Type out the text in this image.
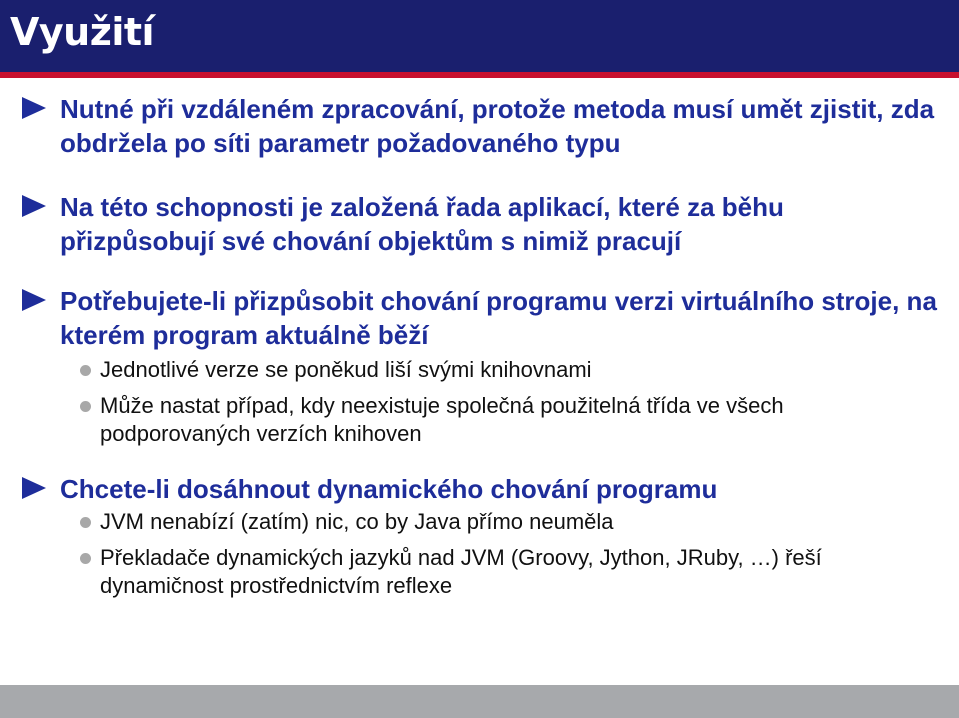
Využití
Nutné při vzdáleném zpracování, protože metoda musí umět zjistit, zda obdržela po síti parametr požadovaného typu
Na této schopnosti je založená řada aplikací, které za běhu přizpůsobují své chování objektům s nimiž pracují
Potřebujete-li přizpůsobit chování programu verzi virtuálního stroje, na kterém program aktuálně běží
Jednotlivé verze se poněkud liší svými knihovnami
Může nastat případ, kdy neexistuje společná použitelná třída ve všech podporovaných verzích knihoven
Chcete-li dosáhnout dynamického chování programu
JVM nenabízí (zatím) nic, co by Java přímo neuměla
Překladače dynamických jazyků nad JVM (Groovy, Jython, JRuby, …) řeší dynamičnost prostřednictvím reflexe
